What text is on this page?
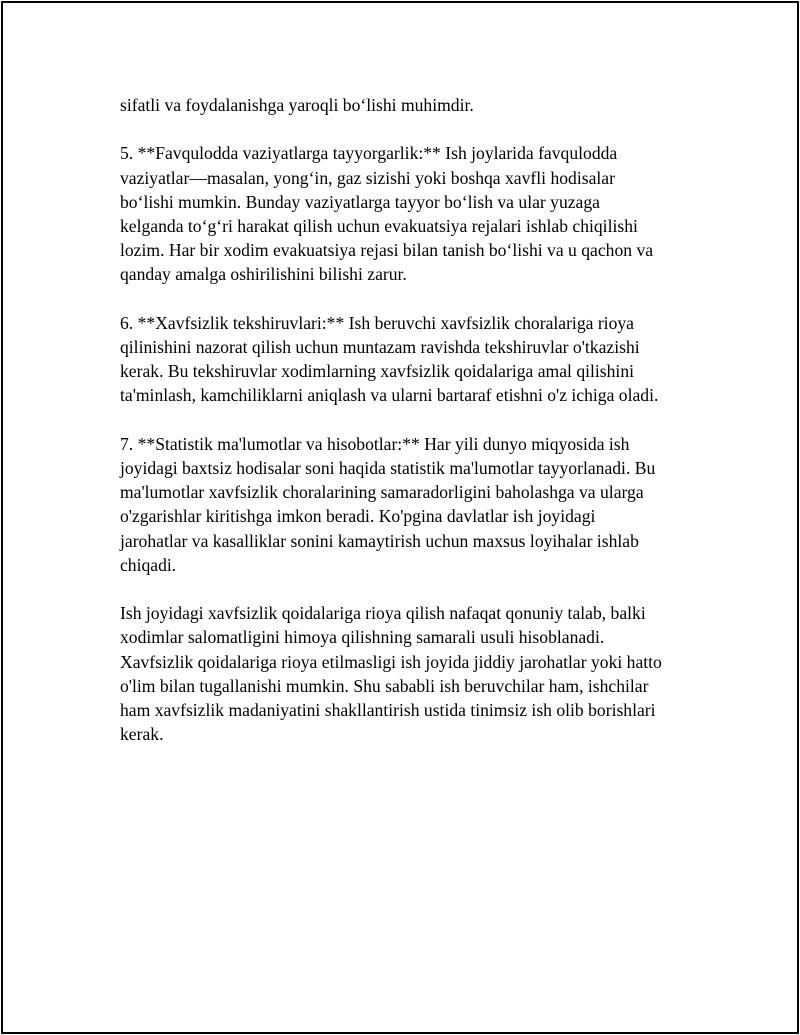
sifatli va foydalanishga yaroqli bo‘lishi muhimdir.

5. **Favqulodda vaziyatlarga tayyorgarlik:** Ish joylarida favqulodda
vaziyatlar—masalan, yong‘in, gaz sizishi yoki boshqa xavfli hodisalar
bo‘lishi mumkin. Bunday vaziyatlarga tayyor bo‘lish va ular yuzaga
kelganda to‘g‘ri harakat qilish uchun evakuatsiya rejalari ishlab chiqilishi
lozim. Har bir xodim evakuatsiya rejasi bilan tanish bo‘lishi va u qachon va
qanday amalga oshirilishini bilishi zarur.

6. **Xavfsizlik tekshiruvlari:** Ish beruvchi xavfsizlik choralariga rioya
qilinishini nazorat qilish uchun muntazam ravishda tekshiruvlar o'tkazishi
kerak. Bu tekshiruvlar xodimlarning xavfsizlik qoidalariga amal qilishini
ta'minlash, kamchiliklarni aniqlash va ularni bartaraf etishni o'z ichiga oladi.

7. **Statistik ma'lumotlar va hisobotlar:** Har yili dunyo miqyosida ish
joyidagi baxtsiz hodisalar soni haqida statistik ma'lumotlar tayyorlanadi. Bu
ma'lumotlar xavfsizlik choralarining samaradorligini baholashga va ularga
o'zgarishlar kiritishga imkon beradi. Ko'pgina davlatlar ish joyidagi
jarohatlar va kasalliklar sonini kamaytirish uchun maxsus loyihalar ishlab
chiqadi.

Ish joyidagi xavfsizlik qoidalariga rioya qilish nafaqat qonuniy talab, balki
xodimlar salomatligini himoya qilishning samarali usuli hisoblanadi.
Xavfsizlik qoidalariga rioya etilmasligi ish joyida jiddiy jarohatlar yoki hatto
o'lim bilan tugallanishi mumkin. Shu sababli ish beruvchilar ham, ishchilar
ham xavfsizlik madaniyatini shakllantirish ustida tinimsiz ish olib borishlari
kerak.
